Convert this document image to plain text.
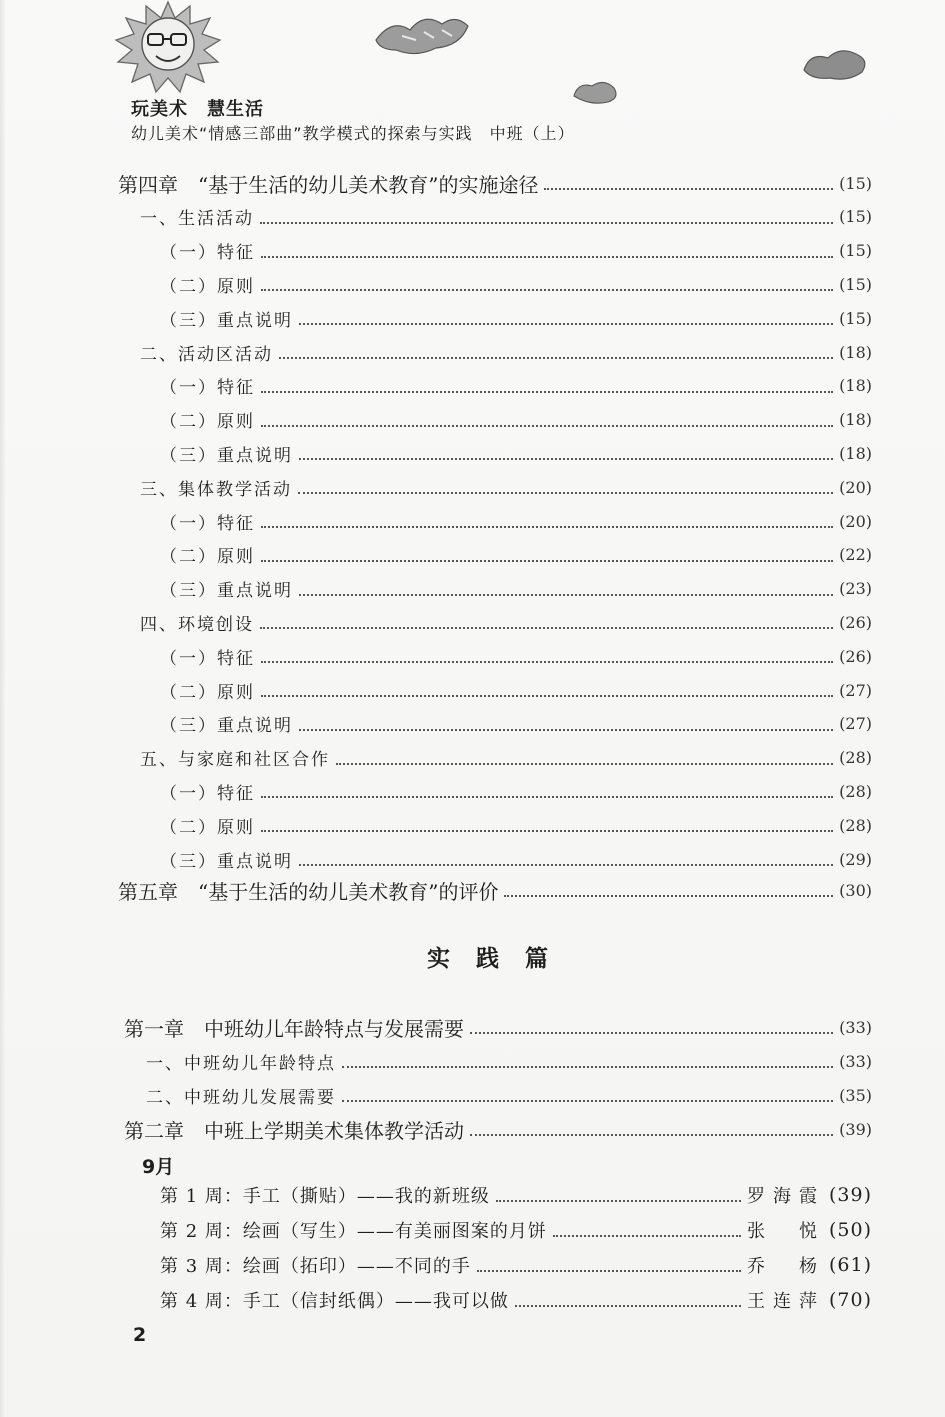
玩美术　慧生活
幼儿美术“情感三部曲”教学模式的探索与实践　中班（上）
第四章　“基于生活的幼儿美术教育”的实施途径	(15)
一、生活活动	(15)
（一）特征	(15)
（二）原则	(15)
（三）重点说明	(15)
二、活动区活动	(18)
（一）特征	(18)
（二）原则	(18)
（三）重点说明	(18)
三、集体教学活动	(20)
（一）特征	(20)
（二）原则	(22)
（三）重点说明	(23)
四、环境创设	(26)
（一）特征	(26)
（二）原则	(27)
（三）重点说明	(27)
五、与家庭和社区合作	(28)
（一）特征	(28)
（二）原则	(28)
（三）重点说明	(29)
第五章　“基于生活的幼儿美术教育”的评价	(30)
实践篇
第一章　中班幼儿年龄特点与发展需要	(33)
一、中班幼儿年龄特点	(33)
二、中班幼儿发展需要	(35)
第二章　中班上学期美术集体教学活动	(39)
9月
第 1 周：手工（撕贴）——我的新班级	罗海霞 (39)
第 2 周：绘画（写生）——有美丽图案的月饼	张　悦 (50)
第 3 周：绘画（拓印）——不同的手	乔　杨 (61)
第 4 周：手工（信封纸偶）——我可以做	王连萍 (70)
2
